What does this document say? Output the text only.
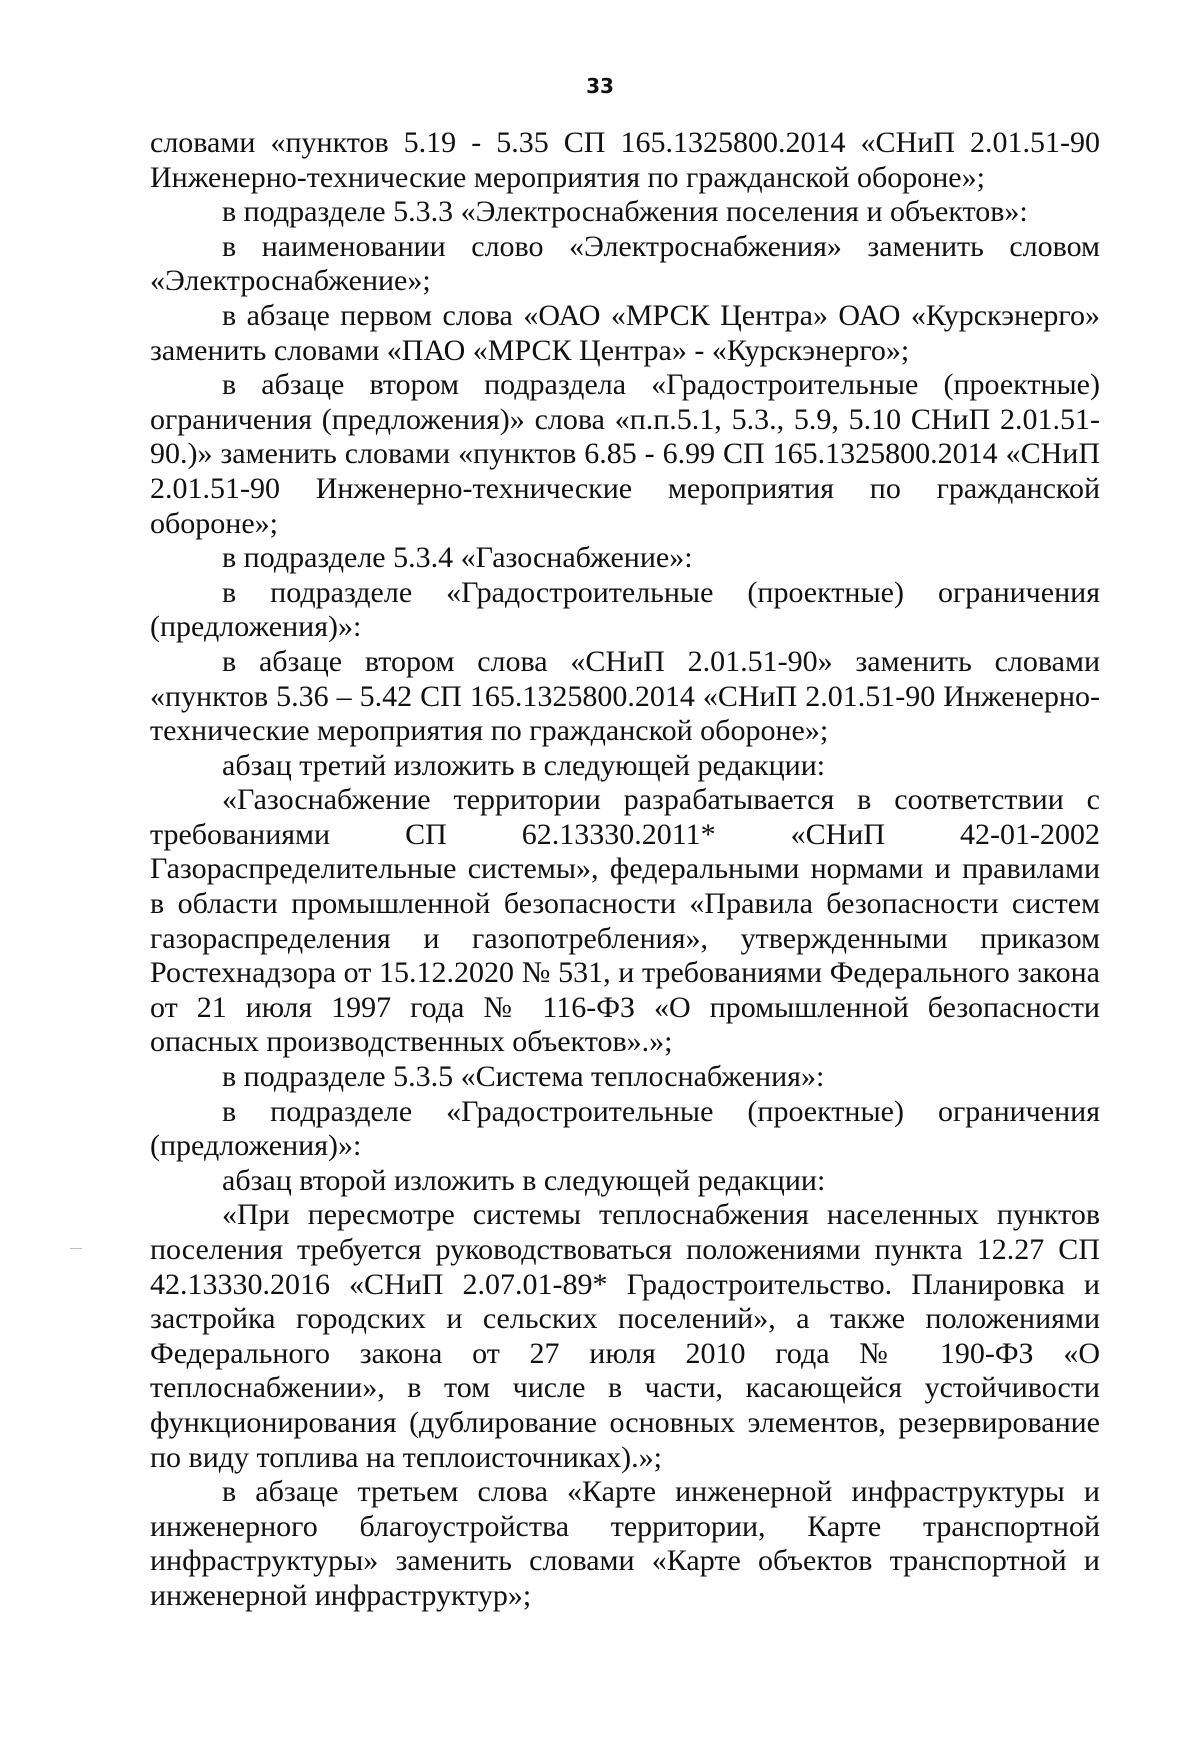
33

словами «пунктов 5.19 - 5.35 СП 165.1325800.2014 «СНиП 2.01.51-90 Инженерно-технические мероприятия по гражданской обороне»;

в подразделе 5.3.3 «Электроснабжения поселения и объектов»:

в наименовании слово «Электроснабжения» заменить словом «Электроснабжение»;

в абзаце первом слова «ОАО «МРСК Центра» ОАО «Курскэнерго» заменить словами «ПАО «МРСК Центра» - «Курскэнерго»;

в абзаце втором подраздела «Градостроительные (проектные) ограничения (предложения)» слова «п.п.5.1, 5.3., 5.9, 5.10 СНиП 2.01.51-90.)» заменить словами «пунктов 6.85 - 6.99 СП 165.1325800.2014 «СНиП 2.01.51-90 Инженерно-технические мероприятия по гражданской обороне»;

в подразделе 5.3.4 «Газоснабжение»:

в подразделе «Градостроительные (проектные) ограничения (предложения)»:

в абзаце втором слова «СНиП 2.01.51-90» заменить словами «пунктов 5.36 – 5.42 СП 165.1325800.2014 «СНиП 2.01.51-90 Инженерно-технические мероприятия по гражданской обороне»;

абзац третий изложить в следующей редакции:

«Газоснабжение территории разрабатывается в соответствии с требованиями СП 62.13330.2011* «СНиП 42-01-2002 Газораспределительные системы», федеральными нормами и правилами в области промышленной безопасности «Правила безопасности систем газораспределения и газопотребления», утвержденными приказом Ростехнадзора от 15.12.2020 № 531, и требованиями Федерального закона от 21 июля 1997 года № 116-ФЗ «О промышленной безопасности опасных производственных объектов».»;

в подразделе 5.3.5 «Система теплоснабжения»:

в подразделе «Градостроительные (проектные) ограничения (предложения)»:

абзац второй изложить в следующей редакции:

«При пересмотре системы теплоснабжения населенных пунктов поселения требуется руководствоваться положениями пункта 12.27 СП 42.13330.2016 «СНиП 2.07.01-89* Градостроительство. Планировка и застройка городских и сельских поселений», а также положениями Федерального закона от 27 июля 2010 года № 190-ФЗ «О теплоснабжении», в том числе в части, касающейся устойчивости функционирования (дублирование основных элементов, резервирование по виду топлива на теплоисточниках).»;

в абзаце третьем слова «Карте инженерной инфраструктуры и инженерного благоустройства территории, Карте транспортной инфраструктуры» заменить словами «Карте объектов транспортной и инженерной инфраструктур»;
